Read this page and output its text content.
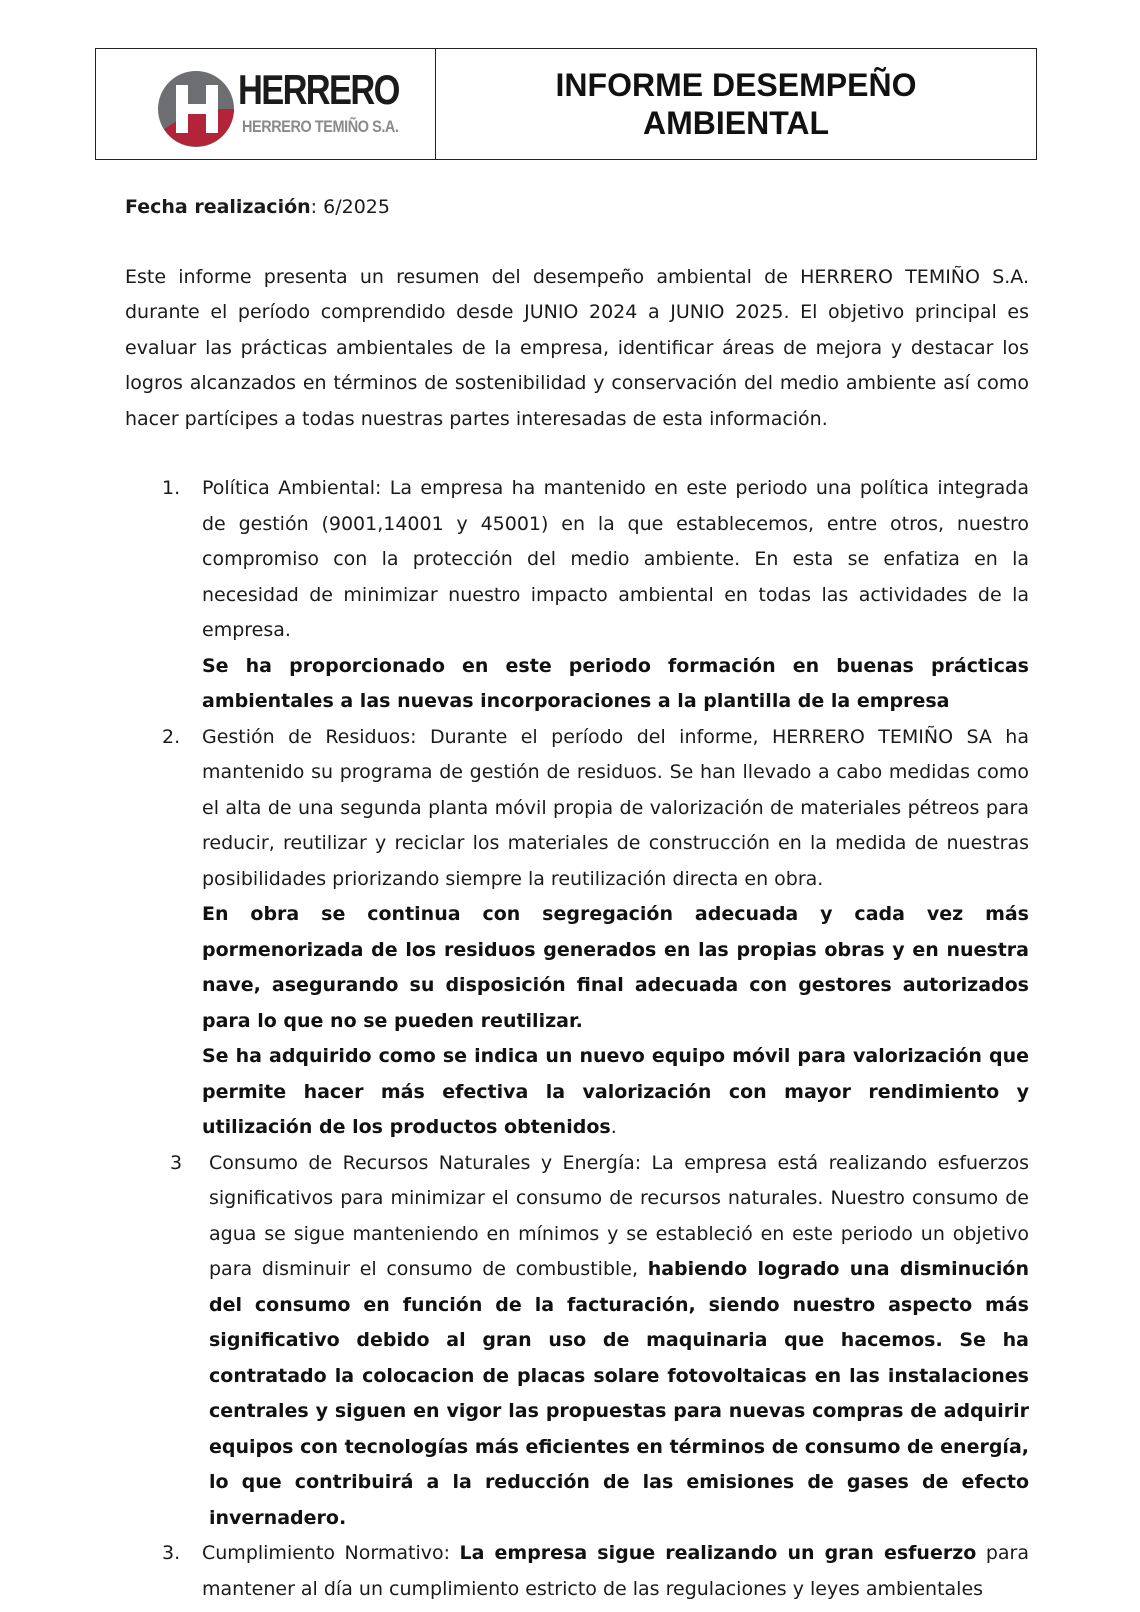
HERRERO
HERRERO TEMIÑO S.A.
INFORME DESEMPEÑO
AMBIENTAL

Fecha realización: 6/2025

Este informe presenta un resumen del desempeño ambiental de HERRERO TEMIÑO S.A. durante el período comprendido desde JUNIO 2024 a JUNIO 2025. El objetivo principal es evaluar las prácticas ambientales de la empresa, identificar áreas de mejora y destacar los logros alcanzados en términos de sostenibilidad y conservación del medio ambiente así como hacer partícipes a todas nuestras partes interesadas de esta información.

1. Política Ambiental: La empresa ha mantenido en este periodo una política integrada de gestión (9001,14001 y 45001) en la que establecemos, entre otros, nuestro compromiso con la protección del medio ambiente. En esta se enfatiza en la necesidad de minimizar nuestro impacto ambiental en todas las actividades de la empresa.

Se ha proporcionado en este periodo formación en buenas prácticas ambientales a las nuevas incorporaciones a la plantilla de la empresa

2. Gestión de Residuos: Durante el período del informe, HERRERO TEMIÑO SA ha mantenido su programa de gestión de residuos. Se han llevado a cabo medidas como el alta de una segunda planta móvil propia de valorización de materiales pétreos para reducir, reutilizar y reciclar los materiales de construcción en la medida de nuestras posibilidades priorizando siempre la reutilización directa en obra.

En obra se continua con segregación adecuada y cada vez más pormenorizada de los residuos generados en las propias obras y en nuestra nave, asegurando su disposición final adecuada con gestores autorizados para lo que no se pueden reutilizar.

Se ha adquirido como se indica un nuevo equipo móvil para valorización que permite hacer más efectiva la valorización con mayor rendimiento y utilización de los productos obtenidos.

3 Consumo de Recursos Naturales y Energía: La empresa está realizando esfuerzos significativos para minimizar el consumo de recursos naturales. Nuestro consumo de agua se sigue manteniendo en mínimos y se estableció en este periodo un objetivo para disminuir el consumo de combustible, habiendo logrado una disminución del consumo en función de la facturación, siendo nuestro aspecto más significativo debido al gran uso de maquinaria que hacemos. Se ha contratado la colocacion de placas solare fotovoltaicas en las instalaciones centrales y siguen en vigor las propuestas para nuevas compras de adquirir equipos con tecnologías más eficientes en términos de consumo de energía, lo que contribuirá a la reducción de las emisiones de gases de efecto invernadero.

3. Cumplimiento Normativo: La empresa sigue realizando un gran esfuerzo para mantener al día un cumplimiento estricto de las regulaciones y leyes ambientales
